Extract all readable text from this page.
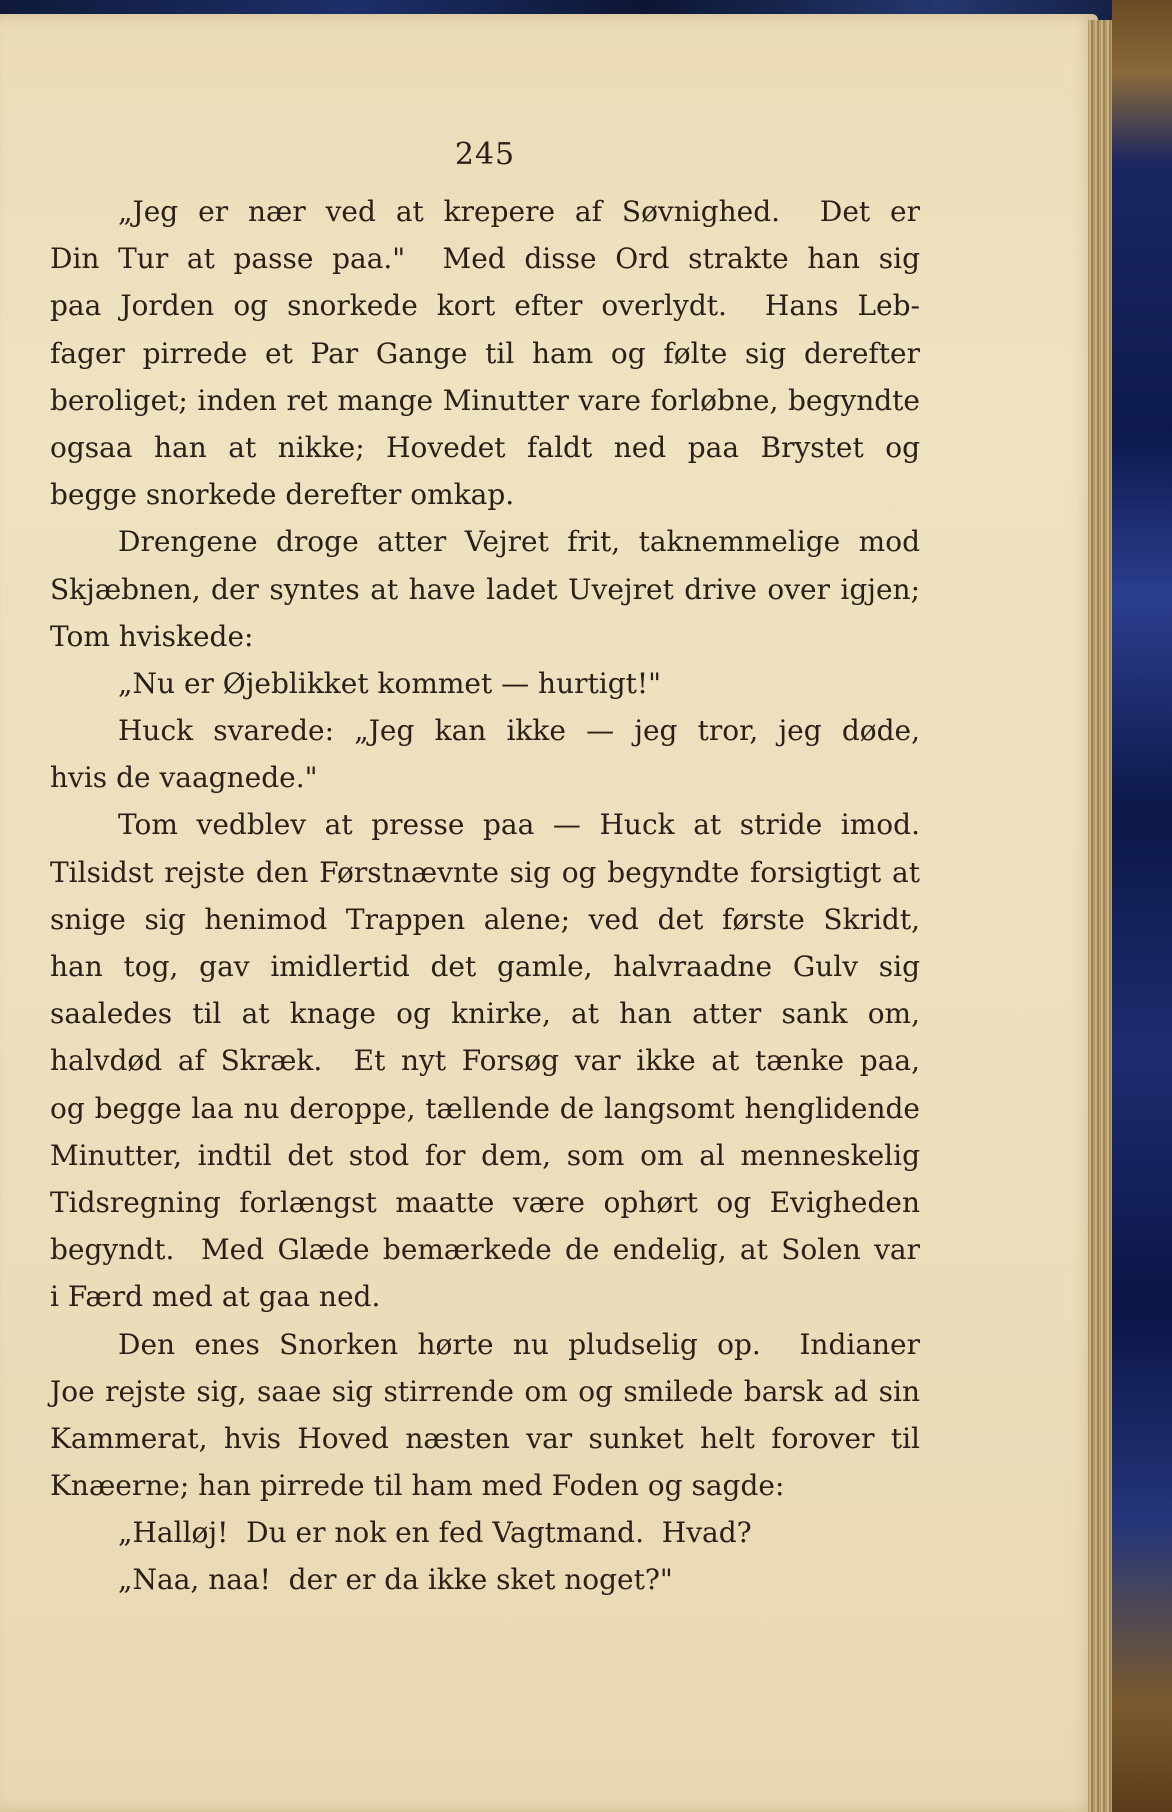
245
„Jeg er nær ved at krepere af Søvnighed.  Det er
Din Tur at passe paa."  Med disse Ord strakte han sig
paa Jorden og snorkede kort efter overlydt.  Hans Leb-
fager pirrede et Par Gange til ham og følte sig derefter
beroliget; inden ret mange Minutter vare forløbne, begyndte
ogsaa han at nikke; Hovedet faldt ned paa Brystet og
begge snorkede derefter omkap.
Drengene droge atter Vejret frit, taknemmelige mod
Skjæbnen, der syntes at have ladet Uvejret drive over igjen;
Tom hviskede:
„Nu er Øjeblikket kommet — hurtigt!"
Huck svarede: „Jeg kan ikke — jeg tror, jeg døde,
hvis de vaagnede."
Tom vedblev at presse paa — Huck at stride imod.
Tilsidst rejste den Førstnævnte sig og begyndte forsigtigt at
snige sig henimod Trappen alene; ved det første Skridt,
han tog, gav imidlertid det gamle, halvraadne Gulv sig
saaledes til at knage og knirke, at han atter sank om,
halvdød af Skræk.  Et nyt Forsøg var ikke at tænke paa,
og begge laa nu deroppe, tællende de langsomt henglidende
Minutter, indtil det stod for dem, som om al menneskelig
Tidsregning forlængst maatte være ophørt og Evigheden
begyndt.  Med Glæde bemærkede de endelig, at Solen var
i Færd med at gaa ned.
Den enes Snorken hørte nu pludselig op.  Indianer
Joe rejste sig, saae sig stirrende om og smilede barsk ad sin
Kammerat, hvis Hoved næsten var sunket helt forover til
Knæerne; han pirrede til ham med Foden og sagde:
„Halløj!  Du er nok en fed Vagtmand.  Hvad?
„Naa, naa!  der er da ikke sket noget?"
